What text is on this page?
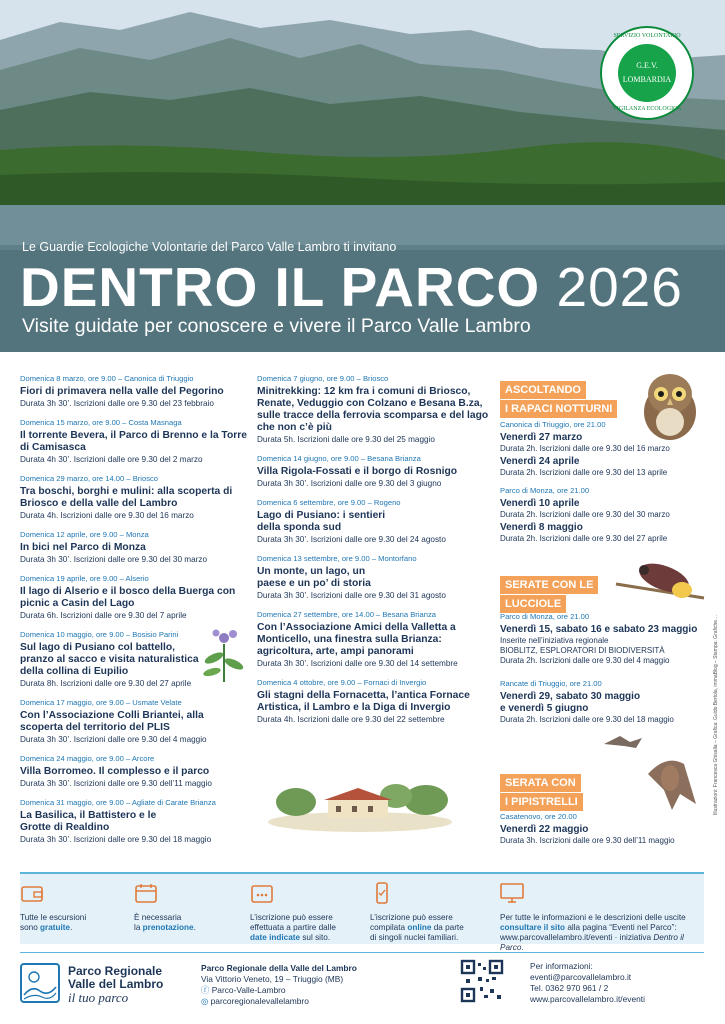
SERVIZIO VOLONTARIO
G.E.V.
LOMBARDIA
VIGILANZA ECOLOGICA
Le Guardie Ecologiche Volontarie del Parco Valle Lambro ti invitano
DENTRO IL PARCO 2026
Visite guidate per conoscere e vivere il Parco Valle Lambro
Domenica 8 marzo, ore 9.00 – Canonica di Triuggio
Fiori di primavera nella valle del Pegorino
Durata 3h 30’. Iscrizioni dalle ore 9.30 del 23 febbraio
Domenica 15 marzo, ore 9.00 – Costa Masnaga
Il torrente Bevera, il Parco di Brenno e la Torre di Camisasca
Durata 4h 30’. Iscrizioni dalle ore 9.30 del 2 marzo
Domenica 29 marzo, ore 14.00 – Briosco
Tra boschi, borghi e mulini: alla scoperta di Briosco e della valle del Lambro
Durata 4h. Iscrizioni dalle ore 9.30 del 16 marzo
Domenica 12 aprile, ore 9.00 – Monza
In bici nel Parco di Monza
Durata 3h 30’. Iscrizioni dalle ore 9.30 del 30 marzo
Domenica 19 aprile, ore 9.00 – Alserio
Il lago di Alserio e il bosco della Buerga con picnic a Casin del Lago
Durata 6h. Iscrizioni dalle ore 9.30 del 7 aprile
Domenica 10 maggio, ore 9.00 – Bosisio Parini
Sul lago di Pusiano col battello, pranzo al sacco e visita naturalistica della collina di Eupilio
Durata 8h. Iscrizioni dalle ore 9.30 del 27 aprile
Domenica 17 maggio, ore 9.00 – Usmate Velate
Con l’Associazione Colli Briantei, alla scoperta del territorio del PLIS
Durata 3h 30’. Iscrizioni dalle ore 9.30 del 4 maggio
Domenica 24 maggio, ore 9.00 – Arcore
Villa Borromeo. Il complesso e il parco
Durata 3h 30’. Iscrizioni dalle ore 9.30 dell’11 maggio
Domenica 31 maggio, ore 9.00 – Agliate di Carate Brianza
La Basilica, il Battistero e le Grotte di Realdino
Durata 3h 30’. Iscrizioni dalle ore 9.30 del 18 maggio
Domenica 7 giugno, ore 9.00 – Briosco
Minitrekking: 12 km fra i comuni di Briosco, Renate, Veduggio con Colzano e Besana B.za, sulle tracce della ferrovia scomparsa e del lago che non c’è più
Durata 5h. Iscrizioni dalle ore 9.30 del 25 maggio
Domenica 14 giugno, ore 9.00 – Besana Brianza
Villa Rigola-Fossati e il borgo di Rosnigo
Durata 3h 30’. Iscrizioni dalle ore 9.30 del 3 giugno
Domenica 6 settembre, ore 9.00 – Rogeno
Lago di Pusiano: i sentieri della sponda sud
Durata 3h 30’. Iscrizioni dalle ore 9.30 del 24 agosto
Domenica 13 settembre, ore 9.00 – Montorfano
Un monte, un lago, un paese e un po’ di storia
Durata 3h 30’. Iscrizioni dalle ore 9.30 del 31 agosto
Domenica 27 settembre, ore 14.00 – Besana Brianza
Con l’Associazione Amici della Valletta a Monticello, una finestra sulla Brianza: agricoltura, arte, ampi panorami
Durata 3h 30’. Iscrizioni dalle ore 9.30 del 14 settembre
Domenica 4 ottobre, ore 9.00 – Fornaci di Invergio
Gli stagni della Fornacetta, l’antica Fornace Artistica, il Lambro e la Diga di Invergio
Durata 4h. Iscrizioni dalle ore 9.30 del 22 settembre
ASCOLTANDO
I RAPACI NOTTURNI
Canonica di Triuggio, ore 21.00
Venerdì 27 marzo
Durata 2h. Iscrizioni dalle ore 9.30 del 16 marzo
Venerdì 24 aprile
Durata 2h. Iscrizioni dalle ore 9.30 del 13 aprile
Parco di Monza, ore 21.00
Venerdì 10 aprile
Durata 2h. Iscrizioni dalle ore 9.30 del 30 marzo
Venerdì 8 maggio
Durata 2h. Iscrizioni dalle ore 9.30 del 27 aprile
SERATE CON LE
LUCCIOLE
Parco di Monza, ore 21.00
Venerdì 15, sabato 16 e sabato 23 maggio
Inserite nell’iniziativa regionale
BIOBLITZ, ESPLORATORI DI BIODIVERSITÀ
Durata 2h. Iscrizioni dalle ore 9.30 del 4 maggio
Rancate di Triuggio, ore 21.00
Venerdì 29, sabato 30 maggio
e venerdì 5 giugno
Durata 2h. Iscrizioni dalle ore 9.30 del 18 maggio
SERATA CON
I PIPISTRELLI
Casatenovo, ore 20.00
Venerdì 22 maggio
Durata 3h. Iscrizioni dalle ore 9.30 dell’11 maggio
Illustrazioni: Francesca Ghisalla – Grafica: Guido Bertola, immaBlog – Stampa: Grafiche…
Tutte le escursioni
sono gratuite.
È necessaria
la prenotazione.
L’iscrizione può essere
effettuata a partire dalle
date indicate sul sito.
L’iscrizione può essere
compilata online da parte
di singoli nuclei familiari.
Per tutte le informazioni e le descrizioni delle uscite
consultare il sito alla pagina “Eventi nel Parco”:
www.parcovallelambro.it/eventi · iniziativa Dentro il Parco.
Parco Regionale
Valle del Lambro
il tuo parco
Parco Regionale della Valle del Lambro
Via Vittorio Veneto, 19 – Triuggio (MB)
ⓕ Parco-Valle-Lambro
◎ parcoregionalevallelambro
Per informazioni:
eventi@parcovallelambro.it
Tel. 0362 970 961 / 2
www.parcovallelambro.it/eventi
